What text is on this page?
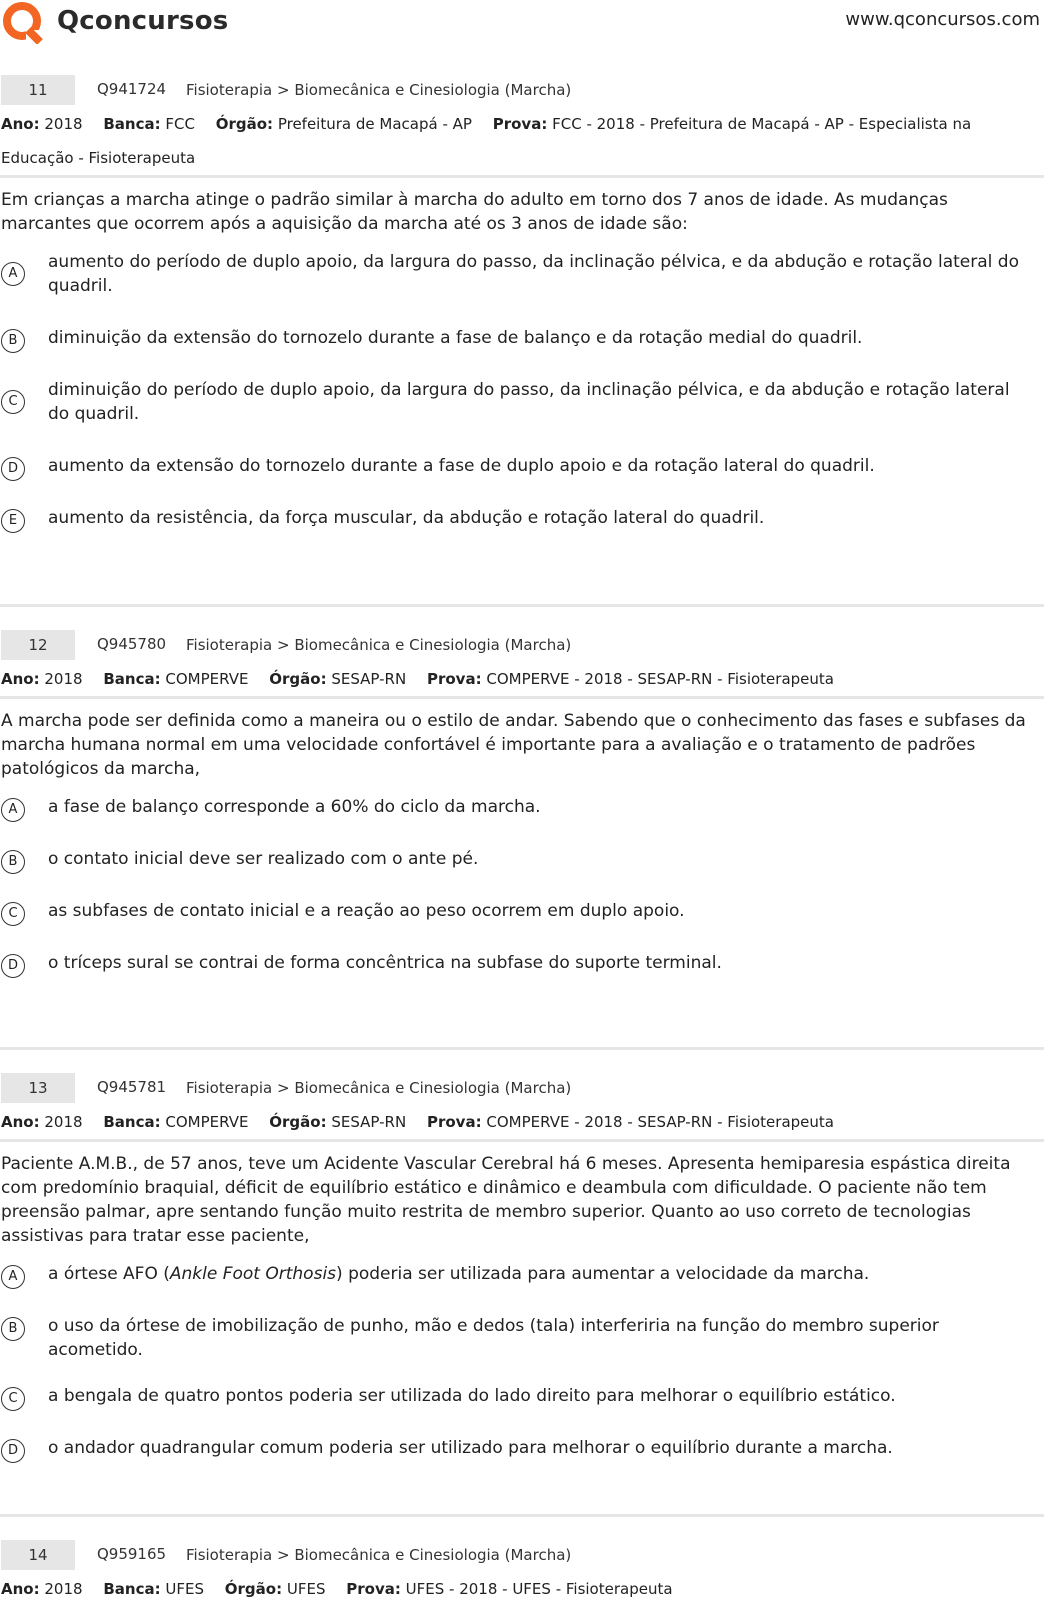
Qconcursos	www.qconcursos.com
11	Q941724 Fisioterapia > Biomecânica e Cinesiologia (Marcha)
Ano: 2018 Banca: FCC Órgão: Prefeitura de Macapá - AP Prova: FCC - 2018 - Prefeitura de Macapá - AP - Especialista na Educação - Fisioterapeuta
Em crianças a marcha atinge o padrão similar à marcha do adulto em torno dos 7 anos de idade. As mudanças marcantes que ocorrem após a aquisição da marcha até os 3 anos de idade são:
A
aumento do período de duplo apoio, da largura do passo, da inclinação pélvica, e da abdução e rotação lateral do quadril.
B	diminuição da extensão do tornozelo durante a fase de balanço e da rotação medial do quadril.
C
diminuição do período de duplo apoio, da largura do passo, da inclinação pélvica, e da abdução e rotação lateral do quadril.
D	aumento da extensão do tornozelo durante a fase de duplo apoio e da rotação lateral do quadril.
E	aumento da resistência, da força muscular, da abdução e rotação lateral do quadril.
12	Q945780 Fisioterapia > Biomecânica e Cinesiologia (Marcha)
Ano: 2018 Banca: COMPERVE Órgão: SESAP-RN Prova: COMPERVE - 2018 - SESAP-RN - Fisioterapeuta
A marcha pode ser definida como a maneira ou o estilo de andar. Sabendo que o conhecimento das fases e subfases da marcha humana normal em uma velocidade confortável é importante para a avaliação e o tratamento de padrões patológicos da marcha,
A	a fase de balanço corresponde a 60% do ciclo da marcha.
B	o contato inicial deve ser realizado com o ante pé.
C	as subfases de contato inicial e a reação ao peso ocorrem em duplo apoio.
D	o tríceps sural se contrai de forma concêntrica na subfase do suporte terminal.
13	Q945781 Fisioterapia > Biomecânica e Cinesiologia (Marcha)
Ano: 2018 Banca: COMPERVE Órgão: SESAP-RN Prova: COMPERVE - 2018 - SESAP-RN - Fisioterapeuta
Paciente A.M.B., de 57 anos, teve um Acidente Vascular Cerebral há 6 meses. Apresenta hemiparesia espástica direita com predomínio braquial, déficit de equilíbrio estático e dinâmico e deambula com dificuldade. O paciente não tem preensão palmar, apre sentando função muito restrita de membro superior. Quanto ao uso correto de tecnologias assistivas para tratar esse paciente,
A	a órtese AFO (Ankle Foot Orthosis) poderia ser utilizada para aumentar a velocidade da marcha.
B	o uso da órtese de imobilização de punho, mão e dedos (tala) interferiria na função do membro superior acometido.
C	a bengala de quatro pontos poderia ser utilizada do lado direito para melhorar o equilíbrio estático.
D	o andador quadrangular comum poderia ser utilizado para melhorar o equilíbrio durante a marcha.
14	Q959165 Fisioterapia > Biomecânica e Cinesiologia (Marcha)
Ano: 2018 Banca: UFES Órgão: UFES Prova: UFES - 2018 - UFES - Fisioterapeuta
